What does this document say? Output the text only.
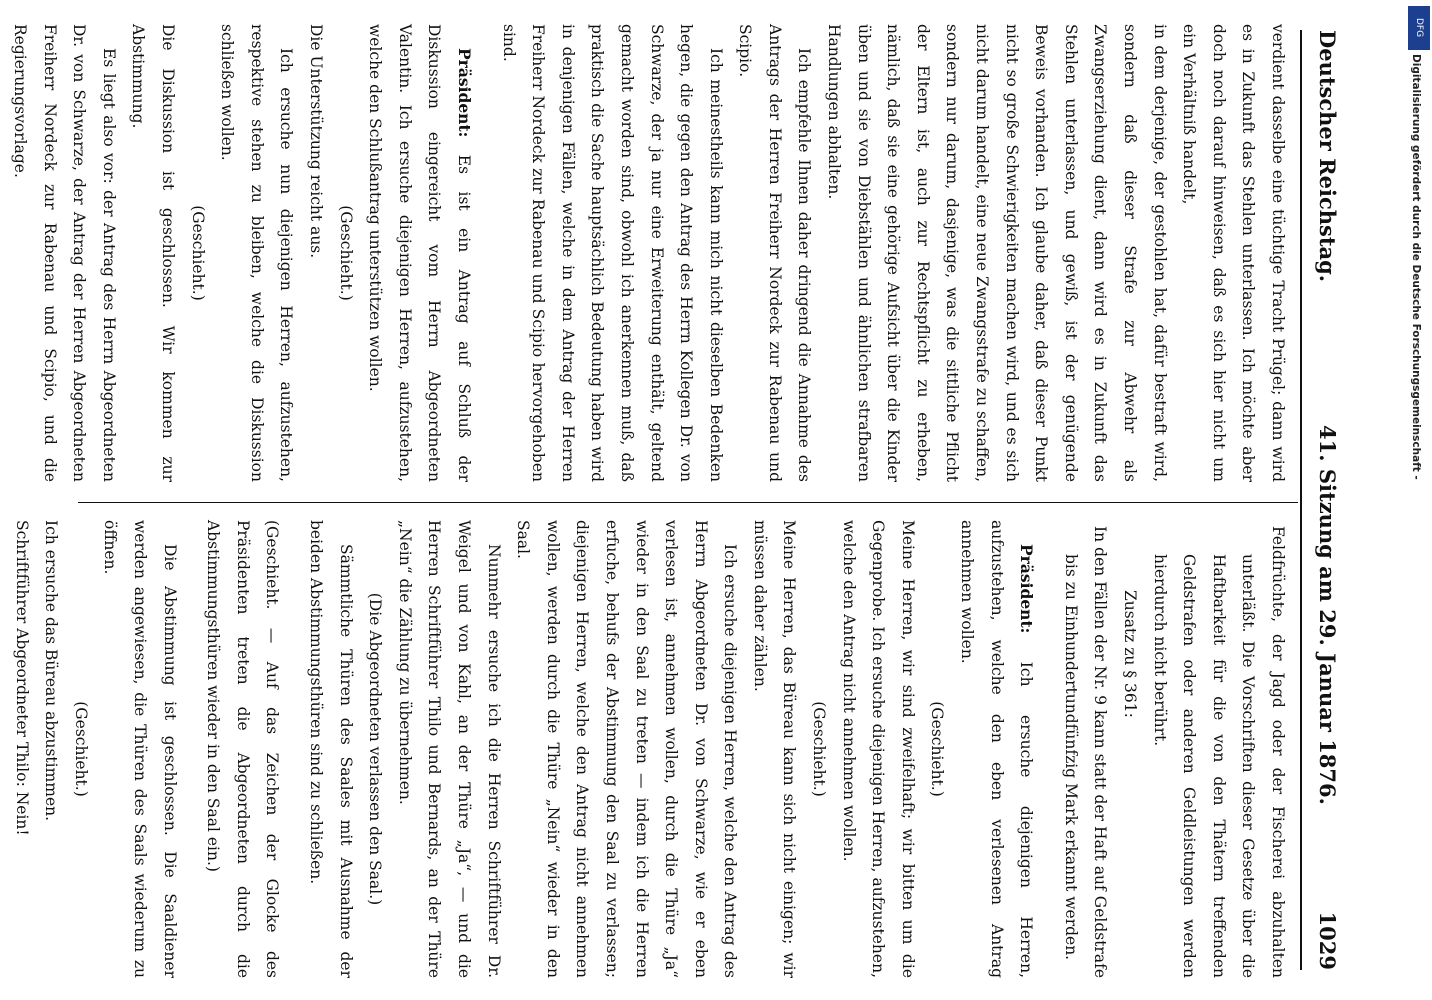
Deutscher Reichstag.
41. Sitzung am 29. Januar 1876.
1029

verdient dasselbe eine tüchtige Tracht Prügel; dann wird es in Zukunft das Stehlen unterlassen. Ich möchte aber doch noch darauf hinweisen, daß es sich hier nicht um ein Verhältniß handelt,

in dem derjenige, der gestohlen hat, dafür bestraft wird, sondern daß dieser Strafe zur Abwehr als Zwangserziehung dient, dann wird es in Zukunft das Stehlen unterlassen, und gewiß, ist der genügende Beweis vorhanden. Ich glaube daher, daß dieser Punkt nicht so große Schwierigkeiten machen wird, und es sich nicht darum handelt, eine neue Zwangsstrafe zu schaffen, sondern nur darum, dasjenige, was die sittliche Pflicht der Eltern ist, auch zur Rechtspflicht zu erheben, nämlich, daß sie eine gehörige Aufsicht über die Kinder üben und sie von Diebstählen und ähnlichen strafbaren Handlungen abhalten.

Ich empfehle Ihnen daher dringend die Annahme des Antrags der Herren Freiherr Nordeck zur Rabenau und Scipio.

Ich meinestheils kann mich nicht dieselben Bedenken hegen, die gegen den Antrag des Herrn Kollegen Dr. von Schwarze, der ja nur eine Erweiterung enthält, geltend gemacht worden sind, obwohl ich anerkennen muß, daß praktisch die Sache hauptsächlich Bedeutung haben wird in denjenigen Fällen, welche in dem Antrag der Herren Freiherr Nordeck zur Rabenau und Scipio hervorgehoben sind.

Präsident: Es ist ein Antrag auf Schluß der Diskussion eingereicht vom Herrn Abgeordneten Valentin. Ich ersuche diejenigen Herren, aufzustehen, welche den Schlußantrag unterstützen wollen.

(Geschieht.)

Die Unterstützung reicht aus.

Ich ersuche nun diejenigen Herren, aufzustehen, respektive stehen zu bleiben, welche die Diskussion schließen wollen.

(Geschieht.)

Die Diskussion ist geschlossen. Wir kommen zur Abstimmung.

Es liegt also vor: der Antrag des Herrn Abgeordneten Dr. von Schwarze, der Antrag der Herren Abgeordneten Freiherr Nordeck zur Rabenau und Scipio, und die Regierungsvorlage.

Feldfrüchte, der Jagd oder der Fischerei abzuhalten unterläßt. Die Vorschriften dieser Gesetze über die Haftbarkeit für die von den Thätern treffenden Geldstrafen oder anderen Geldleistungen werden hierdurch nicht berührt.

Zusatz zu § 361:

In den Fällen der Nr. 9 kann statt der Haft auf Geldstrafe bis zu Einhundertundfünfzig Mark erkannt werden.

Präsident: Ich ersuche diejenigen Herren, aufzustehen, welche den eben verlesenen Antrag annehmen wollen.

(Geschieht.)

Meine Herren, wir sind zweifelhaft; wir bitten um die Gegenprobe. Ich ersuche diejenigen Herren, aufzustehen, welche den Antrag nicht annehmen wollen.

(Geschieht.)

Meine Herren, das Büreau kann sich nicht einigen; wir müssen daher zählen.

Ich ersuche diejenigen Herren, welche den Antrag des Herrn Abgeordneten Dr. von Schwarze, wie er eben verlesen ist, annehmen wollen, durch die Thüre „Ja“ wieder in den Saal zu treten — indem ich die Herren erfuche, behufs der Abstimmung den Saal zu verlassen; diejenigen Herren, welche den Antrag nicht annehmen wollen, werden durch die Thüre „Nein“ wieder in den Saal.

Nunmehr ersuche ich die Herren Schriftführer Dr. Weigel und von Kahl, an der Thüre „Ja“, — und die Herren Schriftführer Thilo und Bernards, an der Thüre „Nein“ die Zählung zu übernehmen.

(Die Abgeordneten verlassen den Saal.)

Sämmtliche Thüren des Saales mit Ausnahme der beiden Abstimmungsthüren sind zu schließen.

(Geschieht. — Auf das Zeichen der Glocke des Präsidenten treten die Abgeordneten durch die Abstimmungsthüren wieder in den Saal ein.)

Die Abstimmung ist geschlossen. Die Saaldiener werden angewiesen, die Thüren des Saals wiederum zu öffnen.

(Geschieht.)

Ich ersuche das Büreau abzustimmen.

Schriftführer Abgeordneter Thilo: Nein!

DFG
Digitalisierung gefördert durch die Deutsche Forschungsgemeinschaft -
